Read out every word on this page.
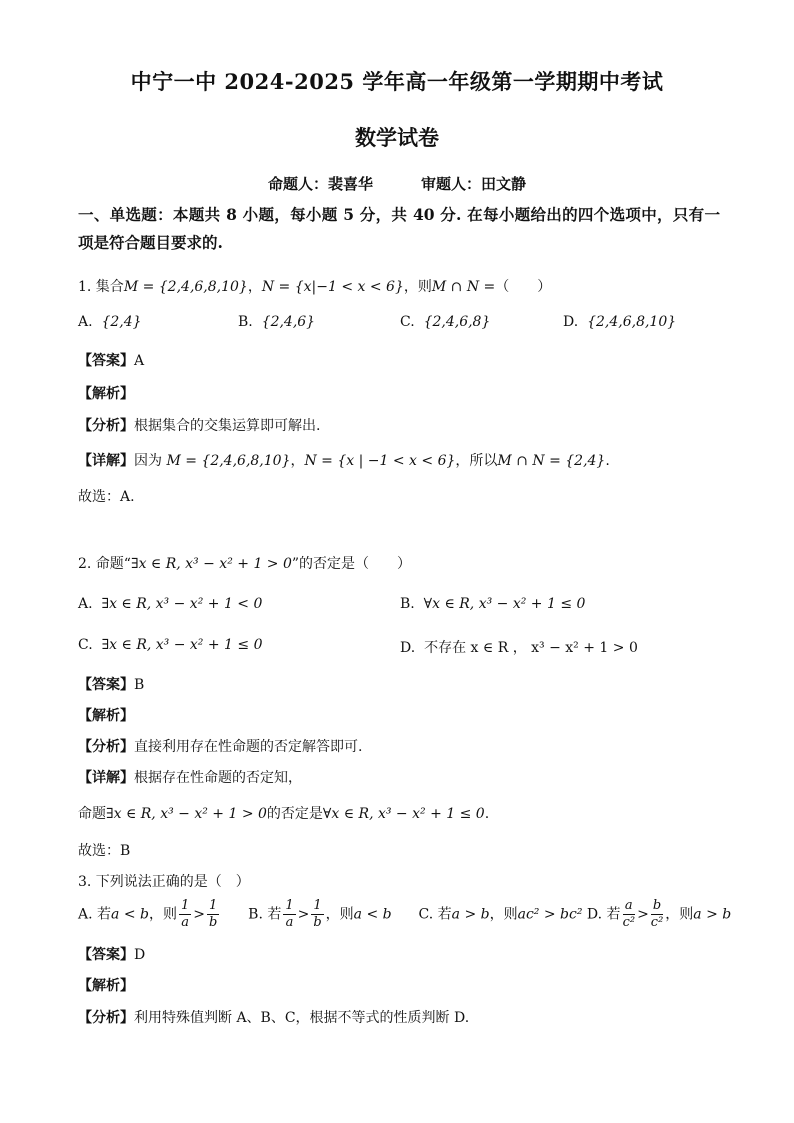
中宁一中 2024-2025 学年高一年级第一学期期中考试
数学试卷
命题人：裴喜华	审题人：田文静
一、单选题：本题共 8 小题，每小题 5 分，共 40 分. 在每小题给出的四个选项中，只有一项是符合题目要求的.
1. 集合M = {2,4,6,8,10}，N = {x|−1 < x < 6}，则M ∩ N =（　　）
A. {2,4}	B. {2,4,6}	C. {2,4,6,8}	D. {2,4,6,8,10}
【答案】A
【解析】
【分析】根据集合的交集运算即可解出.
【详解】因为 M = {2,4,6,8,10}，N = {x | −1 < x < 6}，所以M ∩ N = {2,4}.
故选：A.
2. 命题“∃x ∈ R, x³ − x² + 1 > 0”的否定是（　　）
A. ∃x ∈ R, x³ − x² + 1 < 0	B. ∀x ∈ R, x³ − x² + 1 ≤ 0
C. ∃x ∈ R, x³ − x² + 1 ≤ 0	D. 不存在 x ∈ R ， x³ − x² + 1 > 0
【答案】B
【解析】
【分析】直接利用存在性命题的否定解答即可.
【详解】根据存在性命题的否定知，
命题∃x ∈ R, x³ − x² + 1 > 0的否定是∀x ∈ R, x³ − x² + 1 ≤ 0.
故选：B
3. 下列说法正确的是（　）
A. 若a < b，则 $\frac{1}{a} > \frac{1}{b} B$. 若 $\frac{1}{a} > \frac{1}{b}$ ，则a < b C. 若a > b，则ac² > bc² D. 若 $\frac{a}{\text{c²}} > \frac{b}{\text{c²}}$ ，则a > b
【答案】D
【解析】
【分析】利用特殊值判断 A、B、C，根据不等式的性质判断 D.
